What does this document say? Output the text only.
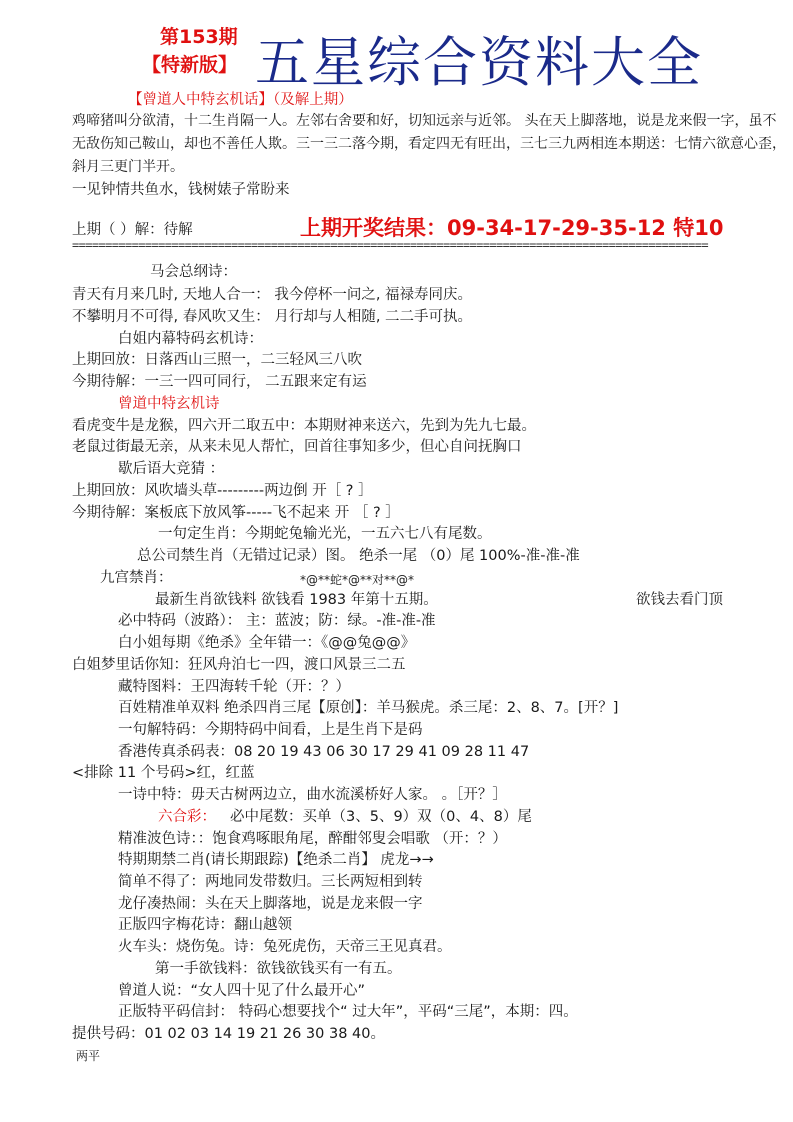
第153期
【特新版】 五星综合资料大全
【曾道人中特玄机话】（及解上期）
鸡啼猪叫分欲清，十二生肖隔一人。左邻右舍要和好，切知远亲与近邻。 头在天上脚落地，说是龙来假一字，虽不无敌伤知己鞍山，却也不善任人欺。三一三二落今期，看定四无有旺出，三七三九两相连本期送：七情六欲意心歪，斜月三更门半开。
一见钟情共鱼水，钱树婊子常盼来
上期（ ）解：待解	上期开奖结果：09-34-17-29-35-12 特10
================================================================================================
马会总纲诗：
青天有月来几时, 天地人合一： 我今停杯一问之, 福禄寿同庆。
不攀明月不可得, 春风吹又生： 月行却与人相随, 二二手可执。
白姐内幕特码玄机诗：
上期回放：日落西山三照一，二三轻风三八吹
今期待解：一三一四可同行， 二五跟来定有运
曾道中特玄机诗
看虎变牛是龙猴，四六开二取五中：本期财神来送六，先到为先九七最。
老鼠过街最无亲，从来未见人帮忙，回首往事知多少，但心自问抚胸口
歇后语大竞猜 ：
上期回放：风吹墙头草---------两边倒 开［ ? ］
今期待解：案板底下放风筝-----飞不起来 开 ［ ? ］
一句定生肖：今期蛇兔输光光，一五六七八有尾数。
总公司禁生肖（无错过记录）图。 绝杀一尾 （0）尾 100%-准-准-准
九宫禁肖：	*@**蛇*@**对**@*
最新生肖欲钱料 欲钱看 1983 年第十五期。	欲钱去看门顶
必中特码（波路）： 主：蓝波；防：绿。-准-准-准
白小姐每期《绝杀》全年错一：《@@兔@@》
白姐梦里话你知：狂风舟泊七一四，渡口风景三二五
藏特图料：王四海转千轮（开：？）
百姓精准单双料 绝杀四肖三尾【原创】：羊马猴虎。杀三尾：2、8、7。[开？]
一句解特码：今期特码中间看，上是生肖下是码
香港传真杀码表：08 20 19 43 06 30 17 29 41 09 28 11 47
<排除 11 个号码>红，红蓝
一诗中特：毋天古树两边立，曲水流溪桥好人家。 。［开？］
六合彩： 必中尾数：买单（3、5、9）双（0、4、8）尾
精准波色诗：：饱食鸡啄眼角尾，醉酣邻叟会唱歌 （开：？）
特期期禁二肖(请长期跟踪)【绝杀二肖】 虎龙→→
简单不得了：两地同发带数归。三长两短相到转
龙仔凑热闹：头在天上脚落地，说是龙来假一字
正版四字梅花诗：翻山越领
火车头：烧伤兔。诗：兔死虎伤，天帝三王见真君。
第一手欲钱料：欲钱欲钱买有一有五。
曾道人说：“女人四十见了什么最开心”
正版特平码信封： 特码心想要找个“ 过大年”，平码“三尾”，本期：四。
提供号码：01 02 03 14 19 21 26 30 38 40。
两平
